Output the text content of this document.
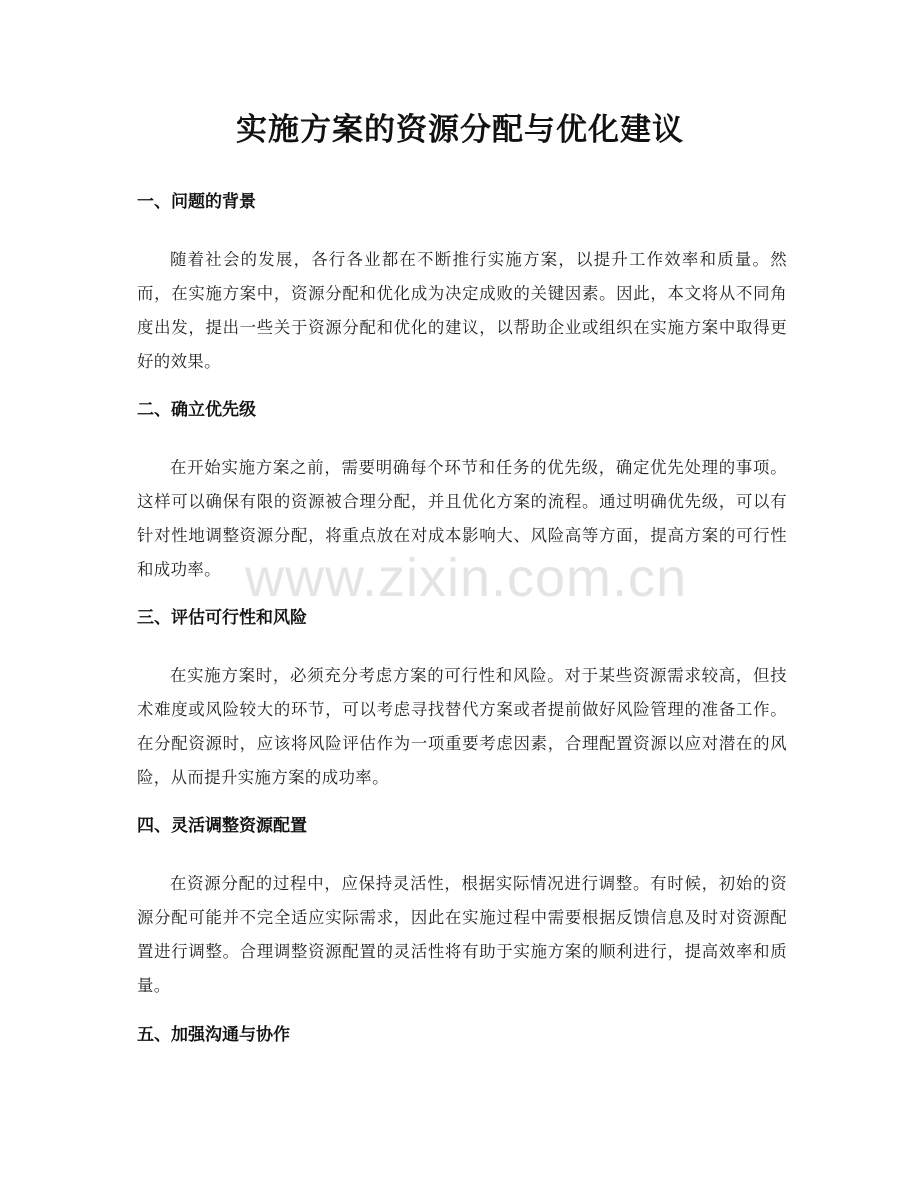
实施方案的资源分配与优化建议
一、问题的背景

随着社会的发展，各行各业都在不断推行实施方案，以提升工作效率和质量。然而，在实施方案中，资源分配和优化成为决定成败的关键因素。因此，本文将从不同角度出发，提出一些关于资源分配和优化的建议，以帮助企业或组织在实施方案中取得更好的效果。

二、确立优先级

在开始实施方案之前，需要明确每个环节和任务的优先级，确定优先处理的事项。这样可以确保有限的资源被合理分配，并且优化方案的流程。通过明确优先级，可以有针对性地调整资源分配，将重点放在对成本影响大、风险高等方面，提高方案的可行性和成功率。

三、评估可行性和风险

在实施方案时，必须充分考虑方案的可行性和风险。对于某些资源需求较高，但技术难度或风险较大的环节，可以考虑寻找替代方案或者提前做好风险管理的准备工作。在分配资源时，应该将风险评估作为一项重要考虑因素，合理配置资源以应对潜在的风险，从而提升实施方案的成功率。

四、灵活调整资源配置

在资源分配的过程中，应保持灵活性，根据实际情况进行调整。有时候，初始的资源分配可能并不完全适应实际需求，因此在实施过程中需要根据反馈信息及时对资源配置进行调整。合理调整资源配置的灵活性将有助于实施方案的顺利进行，提高效率和质量。

五、加强沟通与协作
www.zixin.com.cn
